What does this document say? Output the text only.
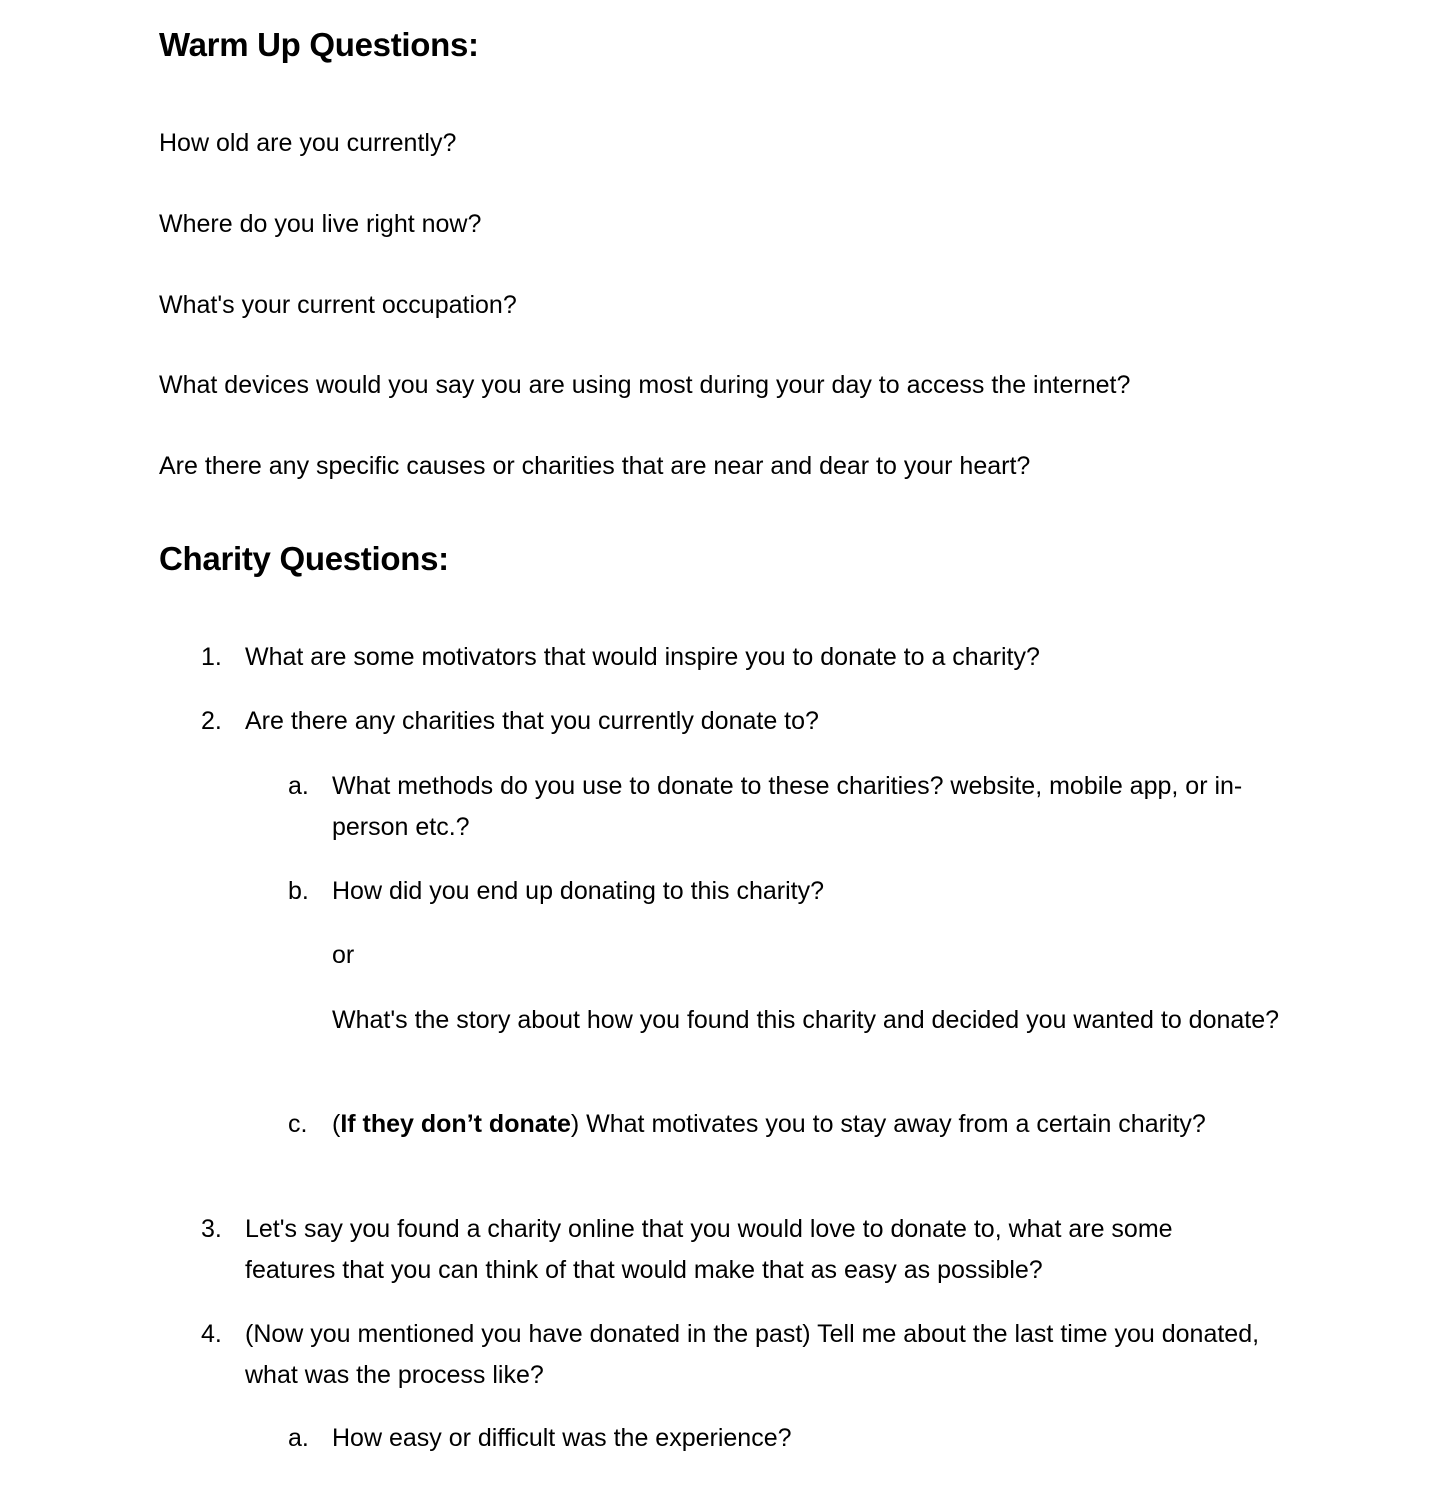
Warm Up Questions:
How old are you currently?
Where do you live right now?
What's your current occupation?
What devices would you say you are using most during your day to access the internet?
Are there any specific causes or charities that are near and dear to your heart?
Charity Questions:
1. What are some motivators that would inspire you to donate to a charity?
2. Are there any charities that you currently donate to?
a. What methods do you use to donate to these charities? website, mobile app, or in-person etc.?
b. How did you end up donating to this charity?
or
What's the story about how you found this charity and decided you wanted to donate?
c. (If they don’t donate) What motivates you to stay away from a certain charity?
3. Let's say you found a charity online that you would love to donate to, what are some features that you can think of that would make that as easy as possible?
4. (Now you mentioned you have donated in the past) Tell me about the last time you donated, what was the process like?
a. How easy or difficult was the experience?
